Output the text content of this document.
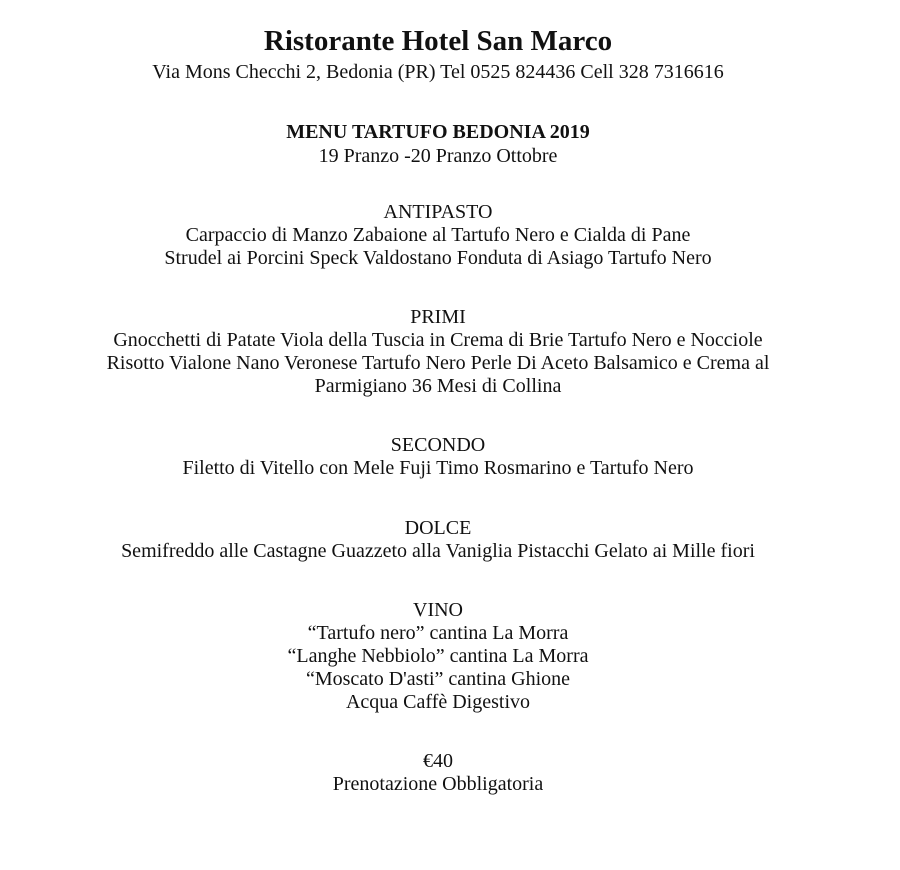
Ristorante Hotel San Marco
Via Mons Checchi 2, Bedonia (PR) Tel 0525 824436 Cell 328 7316616
MENU TARTUFO BEDONIA 2019
19 Pranzo -20 Pranzo Ottobre
ANTIPASTO
Carpaccio di Manzo Zabaione al Tartufo Nero e Cialda di Pane
Strudel ai Porcini Speck Valdostano Fonduta di Asiago Tartufo Nero
PRIMI
Gnocchetti di Patate Viola della Tuscia in Crema di Brie Tartufo Nero e Nocciole
Risotto Vialone Nano Veronese Tartufo Nero Perle Di Aceto Balsamico e Crema al
Parmigiano 36 Mesi di Collina
SECONDO
Filetto di Vitello con Mele Fuji Timo Rosmarino e Tartufo Nero
DOLCE
Semifreddo alle Castagne Guazzeto alla Vaniglia Pistacchi Gelato ai Mille fiori
VINO
“Tartufo nero” cantina La Morra
“Langhe Nebbiolo” cantina La Morra
“Moscato D'asti” cantina Ghione
Acqua Caffè Digestivo
€40
Prenotazione Obbligatoria
